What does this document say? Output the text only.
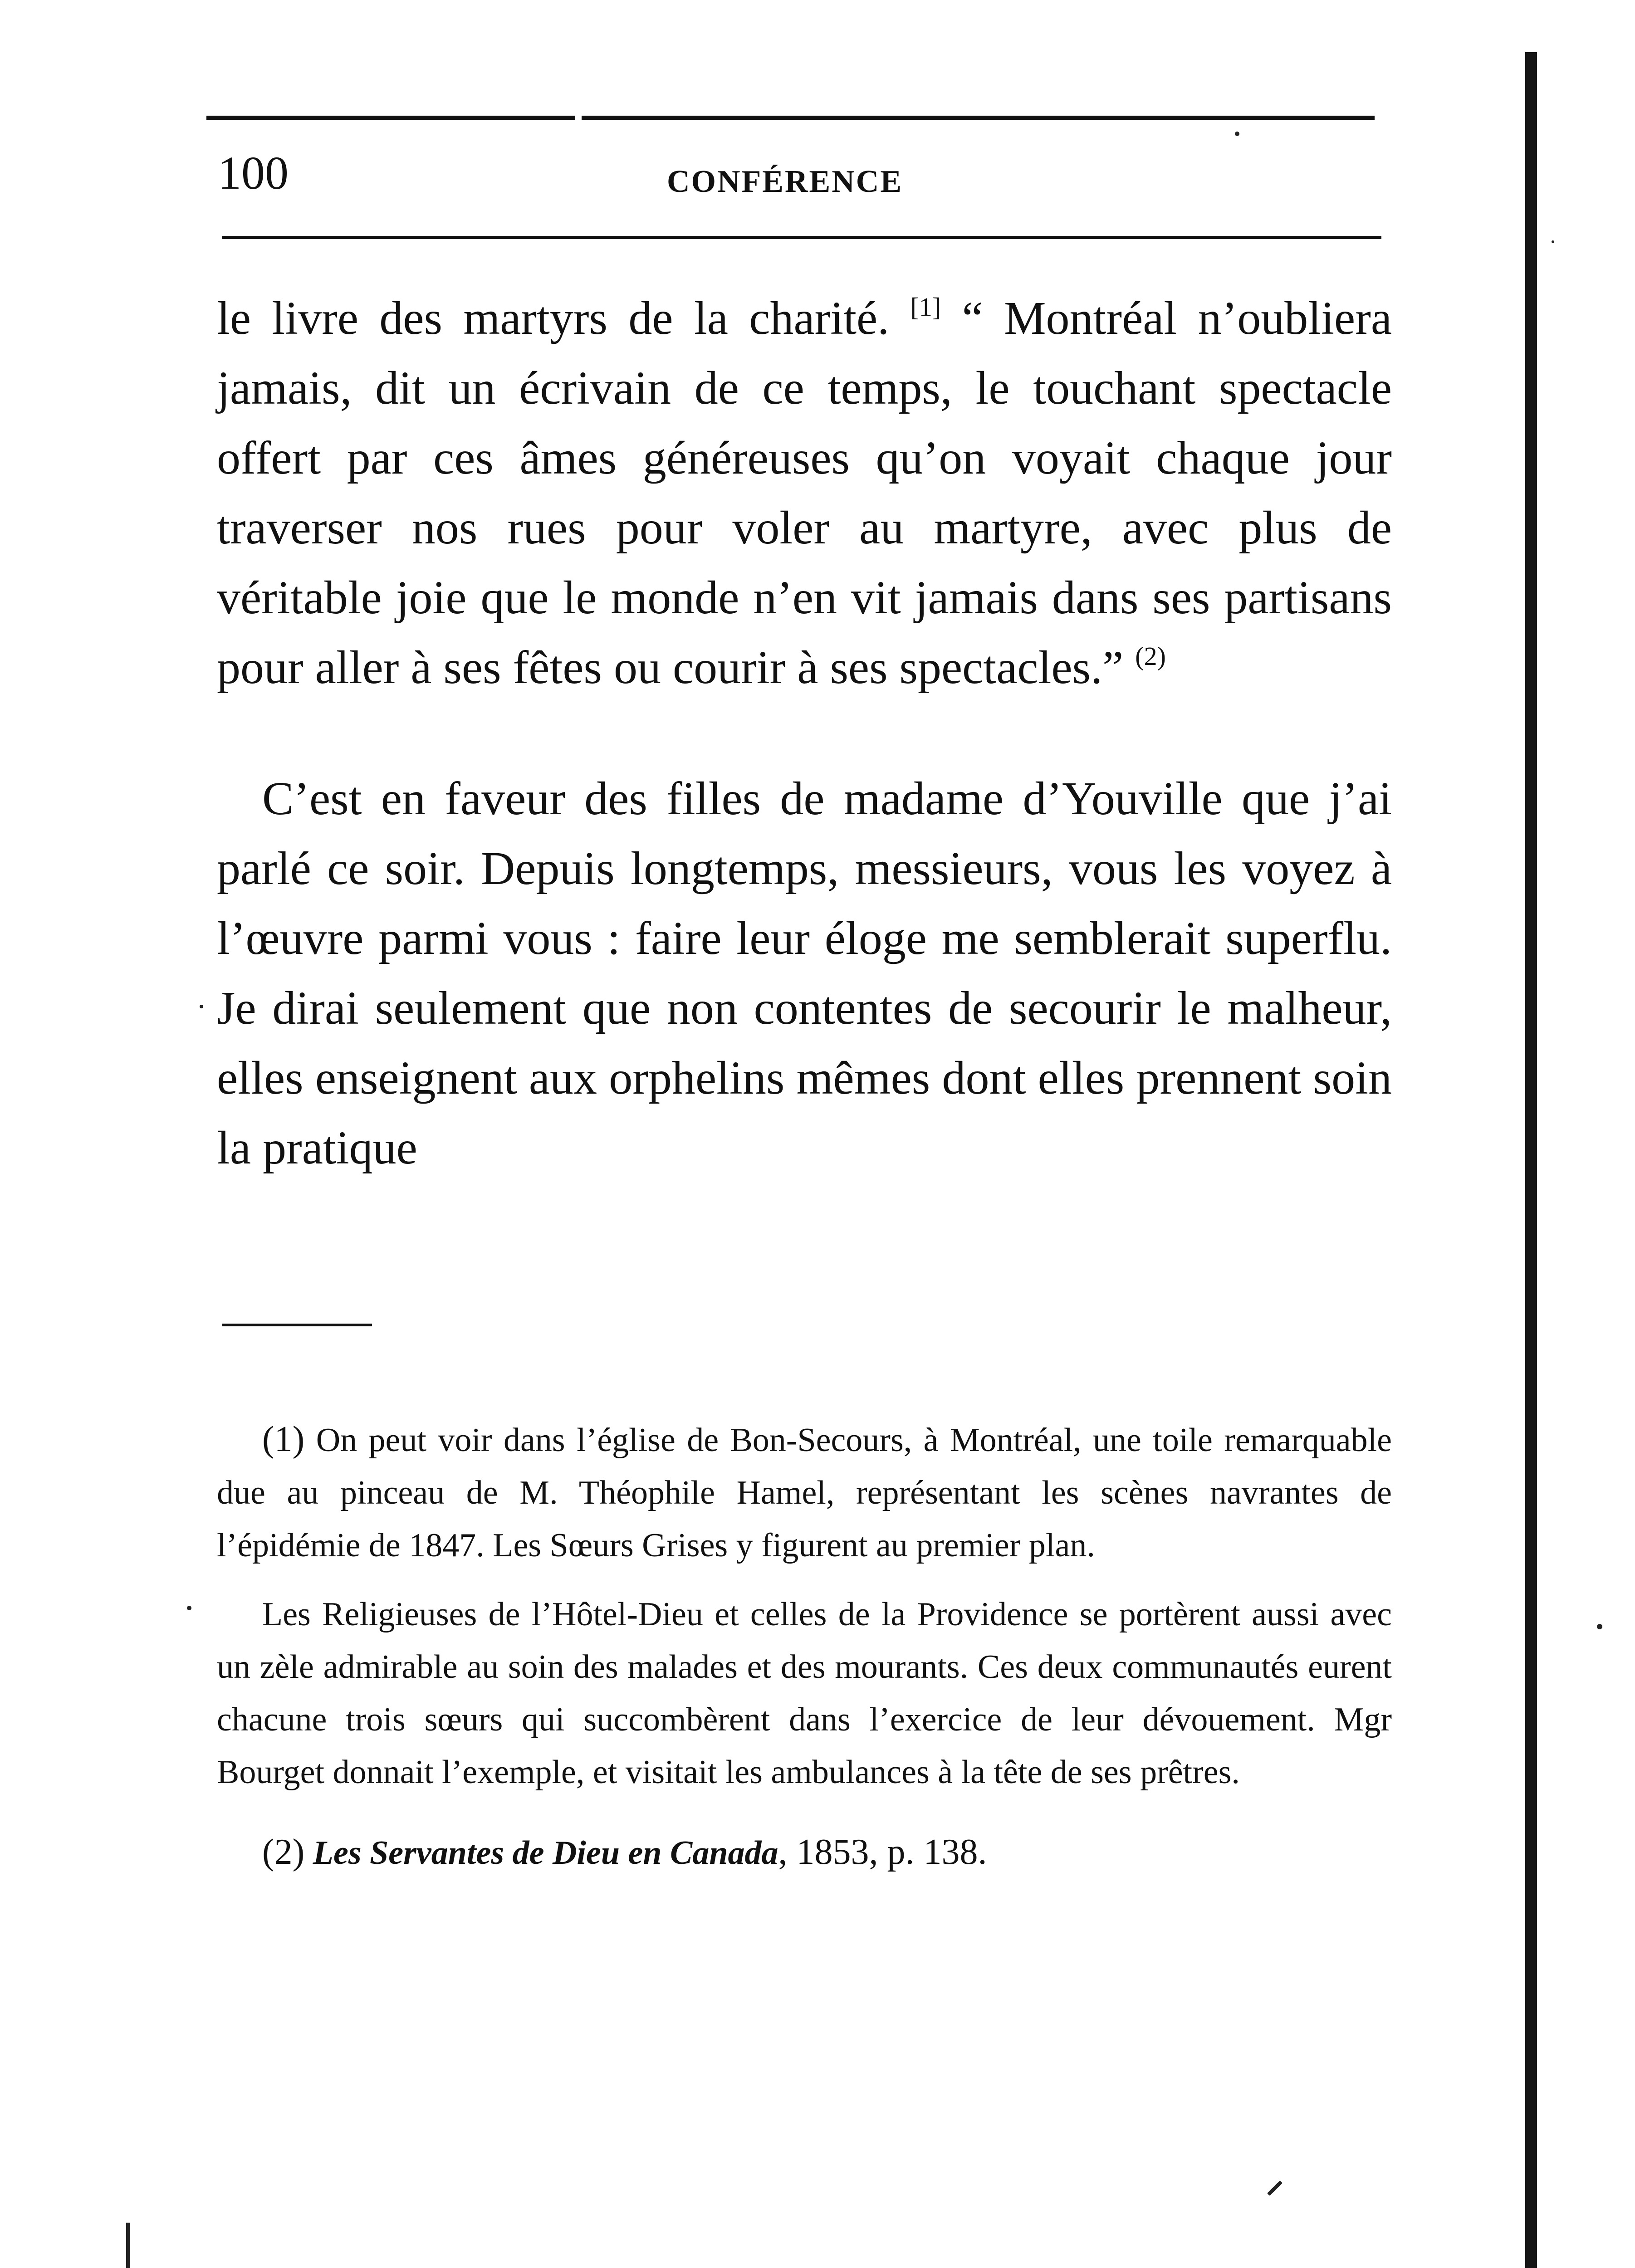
100	CONFÉRENCE

le livre des martyrs de la charité. [1] “ Montréal n’oubliera jamais, dit un écrivain de ce temps, le touchant spectacle offert par ces âmes généreuses qu’on voyait chaque jour traverser nos rues pour voler au martyre, avec plus de véritable joie que le monde n’en vit jamais dans ses partisans pour aller à ses fêtes ou courir à ses spectacles.” $^{(2)}$

C’est en faveur des filles de madame d’Youville que j’ai parlé ce soir. Depuis longtemps, messieurs, vous les voyez à l’œuvre parmi vous : faire leur éloge me semblerait superflu. Je dirai seulement que non contentes de secourir le malheur, elles enseignent aux orphelins mêmes dont elles prennent soin la pratique

(1) On peut voir dans l’église de Bon-Secours, à Montréal, une toile remarquable due au pinceau de M. Théophile Hamel, représentant les scènes navrantes de l’épidémie de 1847. Les Sœurs Grises y figurent au premier plan.

Les Religieuses de l’Hôtel-Dieu et celles de la Providence se portèrent aussi avec un zèle admirable au soin des malades et des mourants. Ces deux communautés eurent chacune trois sœurs qui succombèrent dans l’exercice de leur dévouement. Mgr Bourget donnait l’exemple, et visitait les ambulances à la tête de ses prêtres.

(2) Les Servantes de Dieu en Canada, 1853, p. 138.
